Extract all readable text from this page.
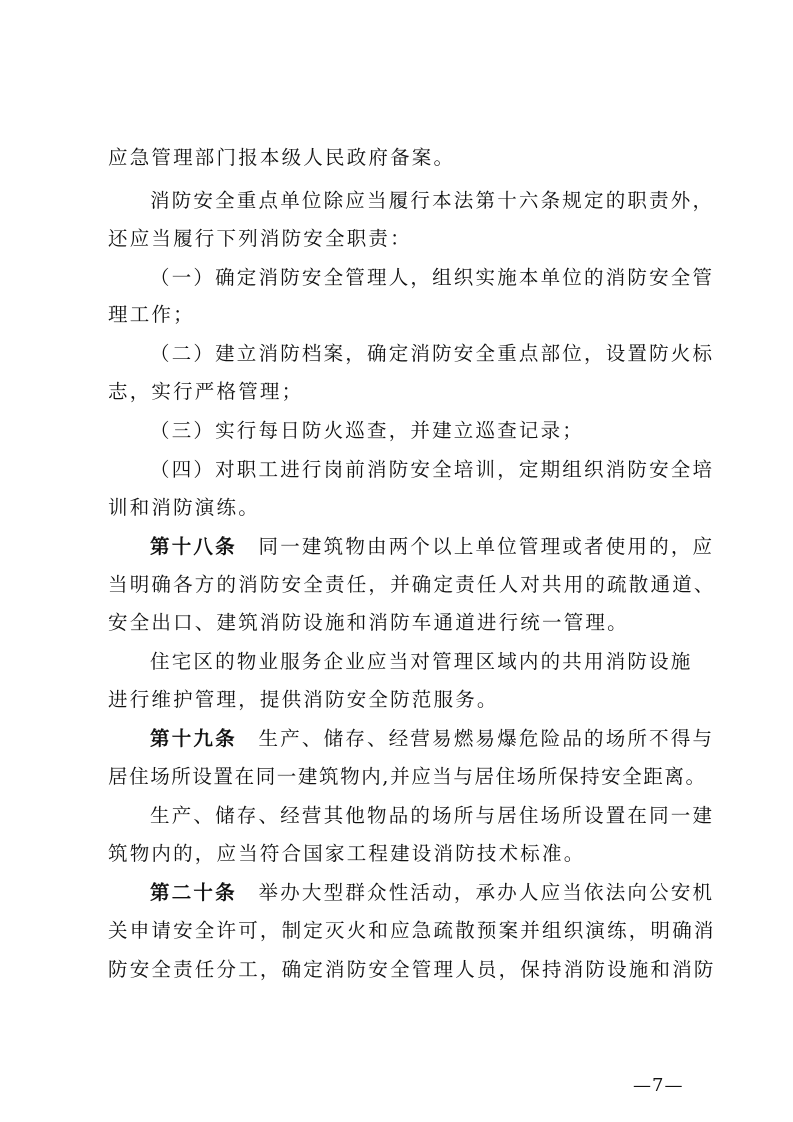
应急管理部门报本级人民政府备案。
消防安全重点单位除应当履行本法第十六条规定的职责外，
还应当履行下列消防安全职责：
（一）确定消防安全管理人，组织实施本单位的消防安全管
理工作；
（二）建立消防档案，确定消防安全重点部位，设置防火标
志，实行严格管理；
（三）实行每日防火巡查，并建立巡查记录；
（四）对职工进行岗前消防安全培训，定期组织消防安全培
训和消防演练。
第十八条　同一建筑物由两个以上单位管理或者使用的，应
当明确各方的消防安全责任，并确定责任人对共用的疏散通道、
安全出口、建筑消防设施和消防车通道进行统一管理。
住宅区的物业服务企业应当对管理区域内的共用消防设施
进行维护管理，提供消防安全防范服务。
第十九条　生产、储存、经营易燃易爆危险品的场所不得与
居住场所设置在同一建筑物内,并应当与居住场所保持安全距离。
生产、储存、经营其他物品的场所与居住场所设置在同一建
筑物内的，应当符合国家工程建设消防技术标准。
第二十条　举办大型群众性活动，承办人应当依法向公安机
关申请安全许可，制定灭火和应急疏散预案并组织演练，明确消
防安全责任分工，确定消防安全管理人员，保持消防设施和消防
—7—
